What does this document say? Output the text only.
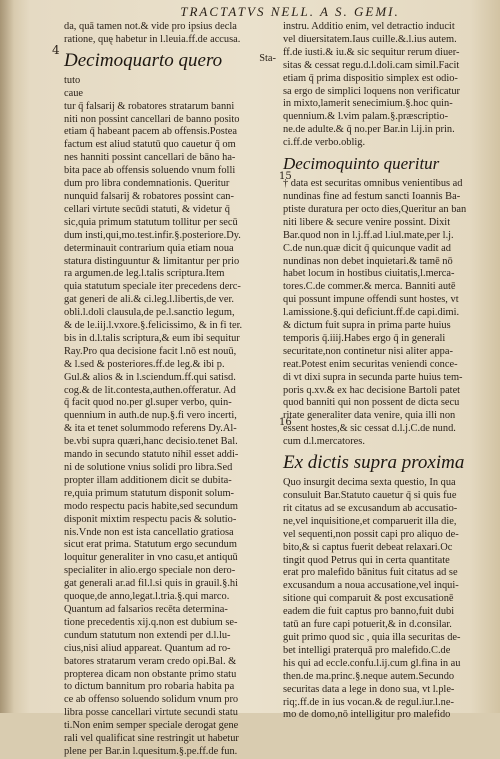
TRACTATVS NELL. A S. GEMI.
4
15
16
da, quā tamen not.& vide pro ipsius decla
ratione, quę habetur in l.leuia.ff.de accusa.
Decimoquarto quero	Sta-
tuto
caue
tur q̄ falsarij & robatores stratarum banni
niti non possint cancellari de banno posito
etiam q̄ habeant pacem ab offensis.Postea
factum est aliud statutū quo cauetur q̄ om
nes hanniti possint cancellari de bāno ha-
bita pace ab offensis soluendo vnum folli
dum pro libra condemnationis. Queritur
nunquid falsarij & robatores possint can-
cellari virtute secūdi statuti, & videtur q̄
sic,quia primum statutum tollitur per secū
dum insti,qui,mo.test.infir.§.posteriore.Dy.
determinauit contrarium quia etiam noua
statura distinguuntur & limitantur per prio
ra argumen.de leg.l.talis scriptura.Item
quia statutum speciale iter precedens derc-
gat generi de ali.& ci.leg.l.libertis,de ver.
obli.l.doli clausula,de pe.l.sanctio legum,
& de le.iij.l.vxore.§.felicissimo, & in fi ter.
bis in d.l.talis scriptura,& eum ibi sequitur
Ray.Pro qua decisione facit l.nō est nouū,
& l.sed & posteriores.ff.de leg.& ibi p.
Gul.& alios & in l.sciendum.ff.qui satisd.
cog.& de lit.contesta,authen.offeratur. Ad
q̄ facit quod no.per gl.super verbo, quin-
quennium in auth.de nup.§.fi vero incerti,
& ita et tenet solummodo referens Dy.Al-
be.vbi supra quæri,hanc decisio.tenet Bal.
mando in secundo statuto nihil esset addi-
ni de solutione vnius solidi pro libra.Sed
propter illam additionem dicit se dubita-
re,quia primum statutum disponit solum-
modo respectu pacis habite,sed secundum
disponit mixtim respectu pacis & solutio-
nis.Vnde non est ista cancellatio gratiosa
sicut erat prima. Statutum ergo secundum
loquitur generaliter in vno casu,et antiquū
specialiter in alio.ergo speciale non dero-
gat generali ar.ad fil.l.si quis in grauil.§.hi
quoque,de anno,legat.l.tria.§.qui marco.
Quantum ad falsarios recēta determina-
tione precedentis xij.q.non est dubium se-
cundum statutum non extendi per d.l.lu-
cius,nisi aliud appareat. Quantum ad ro-
batores stratarum veram credo opi.Bal. &
propterea dicam non obstante primo statu
to dictum bannitum pro robaria habita pa
ce ab offenso soluendo solidum vnum pro
libra posse cancellari virtute secundi statu
ti.Non enim semper speciale derogat gene
rali vel qualificat sine restringit ut habetur
plene per Bar.in l.quesitum.§.pe.ff.de fun.
instru. Additio enim, vel detractio inducit
vel diuersitatem.Iaus cuille.&.l.ius autem.
ff.de iusti.& iu.& sic sequitur rerum diuer-
sitas & cessat regu.d.l.doli.cam simil.Facit
etiam q̄ prima dispositio simplex est odio-
sa ergo de simplici loquens non verificatur
in mixto,lamerit senecimium.§.hoc quin-
quennium.& l.vim palam.§.præscriptio-
ne.de adulte.& q̄ no.per Bar.in l.ij.in prin.
ci.ff.de verbo.oblig.
Decimoquinto queritur
† data est securitas omnibus venientibus ad
nundinas fine ad festum sancti Ioannis Ba-
ptiste duratura per octo dies,Queritur an ban
niti libere & secure venire possint. Dixit
Bar.quod non in l.j.ff.ad l.iul.mate,per l.j.
C.de nun.quæ dicit q̄ quicunque vadit ad
nundinas non debet inquietari.& tamē nō
habet locum in hostibus ciuitatis,l.merca-
tores.C.de commer.& merca. Banniti autē
qui possunt impune offendi sunt hostes, vt
l.amissione.§.qui deficiunt.ff.de capi.dimi.
& dictum fuit supra in prima parte huius
temporis q̄.iiij.Habes ergo q̄ in generali
securitate,non continetur nisi aliter appa-
reat.Potest enim securitas veniendi conce-
di vt dixi supra in secunda parte huius tem-
poris q.xv.& ex hac decisione Bartoli patet
quod banniti qui non possent de dicta secu
ritate generaliter data venire, quia illi non
essent hostes,& sic cessat d.l.j.C.de nund.
cum d.l.mercatores.
Ex dictis supra proxima
Quo insurgit decima sexta questio, In qua
consuluit Bar.Statuto cauetur q̄ si quis fue
rit citatus ad se excusandum ab accusatio-
ne,vel inquisitione,et comparuerit illa die,
vel sequenti,non possit capi pro aliquo de-
bito,& si captus fuerit debeat relaxari.Oc
tingit quod Petrus qui in certa quantitate
erat pro malefido bānitus fuit citatus ad se
excusandum a noua accusatione,vel inqui-
sitione qui comparuit & post excusationē
eadem die fuit captus pro banno,fuit dubi
tatū an fure capi potuerit,& in d.consilar.
guit primo quod sic , quia illa securitas de-
bet intelligi praterquā pro malefido.C.de
his qui ad eccle.confu.l.ij.cum gl.fina in au
then.de ma.princ.§.neque autem.Secundo
securitas data a lege in dono sua, vt l.ple-
riq;.ff.de in ius vocan.& de regul.iur.l.ne-
mo de domo,nō intelligitur pro malefido
